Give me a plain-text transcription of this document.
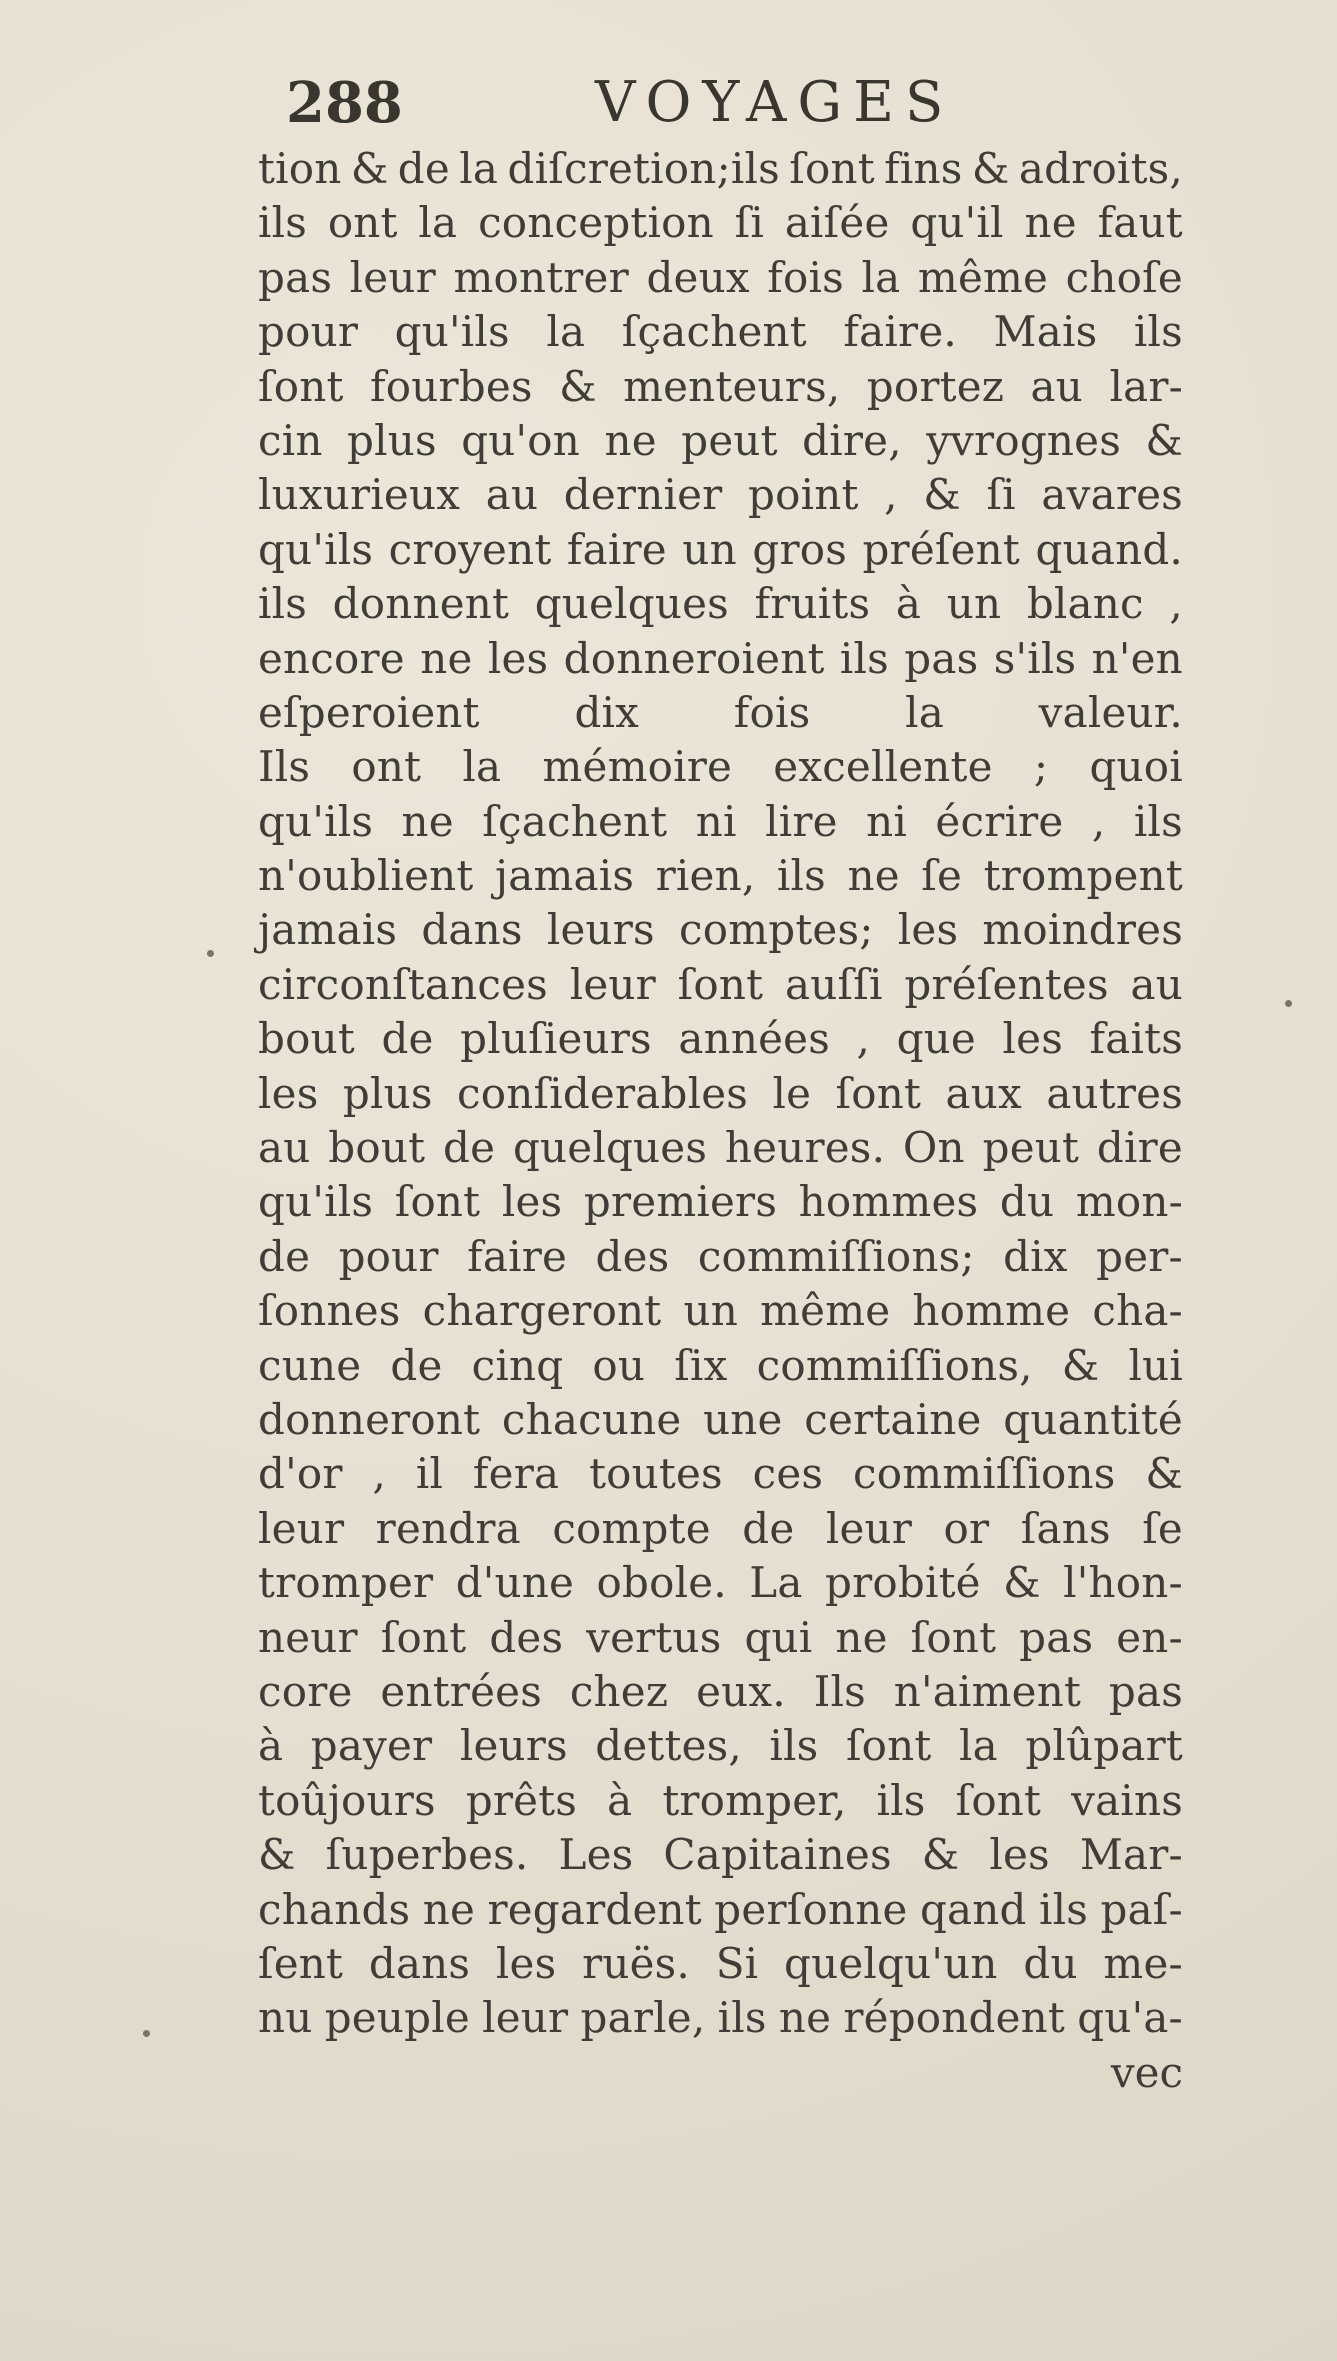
288	VOYAGES
tion & de la diſcretion;ils ſont fins & adroits,
ils ont la conception ſi aiſée qu'il ne faut
pas leur montrer deux fois la même choſe
pour qu'ils la ſçachent faire. Mais ils
ſont fourbes & menteurs, portez au lar-
cin plus qu'on ne peut dire, yvrognes &
luxurieux au dernier point , & ſi avares
qu'ils croyent faire un gros préſent quand.
ils donnent quelques fruits à un blanc ,
encore ne les donneroient ils pas s'ils n'en
eſperoient dix fois la valeur.
Ils ont la mémoire excellente ; quoi
qu'ils ne ſçachent ni lire ni écrire , ils
n'oublient jamais rien, ils ne ſe trompent
jamais dans leurs comptes; les moindres
circonſtances leur ſont auſſi préſentes au
bout de pluſieurs années , que les faits
les plus conſiderables le ſont aux autres
au bout de quelques heures. On peut dire
qu'ils ſont les premiers hommes du mon-
de pour faire des commiſſions; dix per-
ſonnes chargeront un même homme cha-
cune de cinq ou ſix commiſſions, & lui
donneront chacune une certaine quantité
d'or , il fera toutes ces commiſſions &
leur rendra compte de leur or ſans ſe
tromper d'une obole. La probité & l'hon-
neur ſont des vertus qui ne ſont pas en-
core entrées chez eux. Ils n'aiment pas
à payer leurs dettes, ils ſont la plûpart
toûjours prêts à tromper, ils ſont vains
& ſuperbes. Les Capitaines & les Mar-
chands ne regardent perſonne qand ils paſ-
ſent dans les ruës. Si quelqu'un du me-
nu peuple leur parle, ils ne répondent qu'a-
vec
